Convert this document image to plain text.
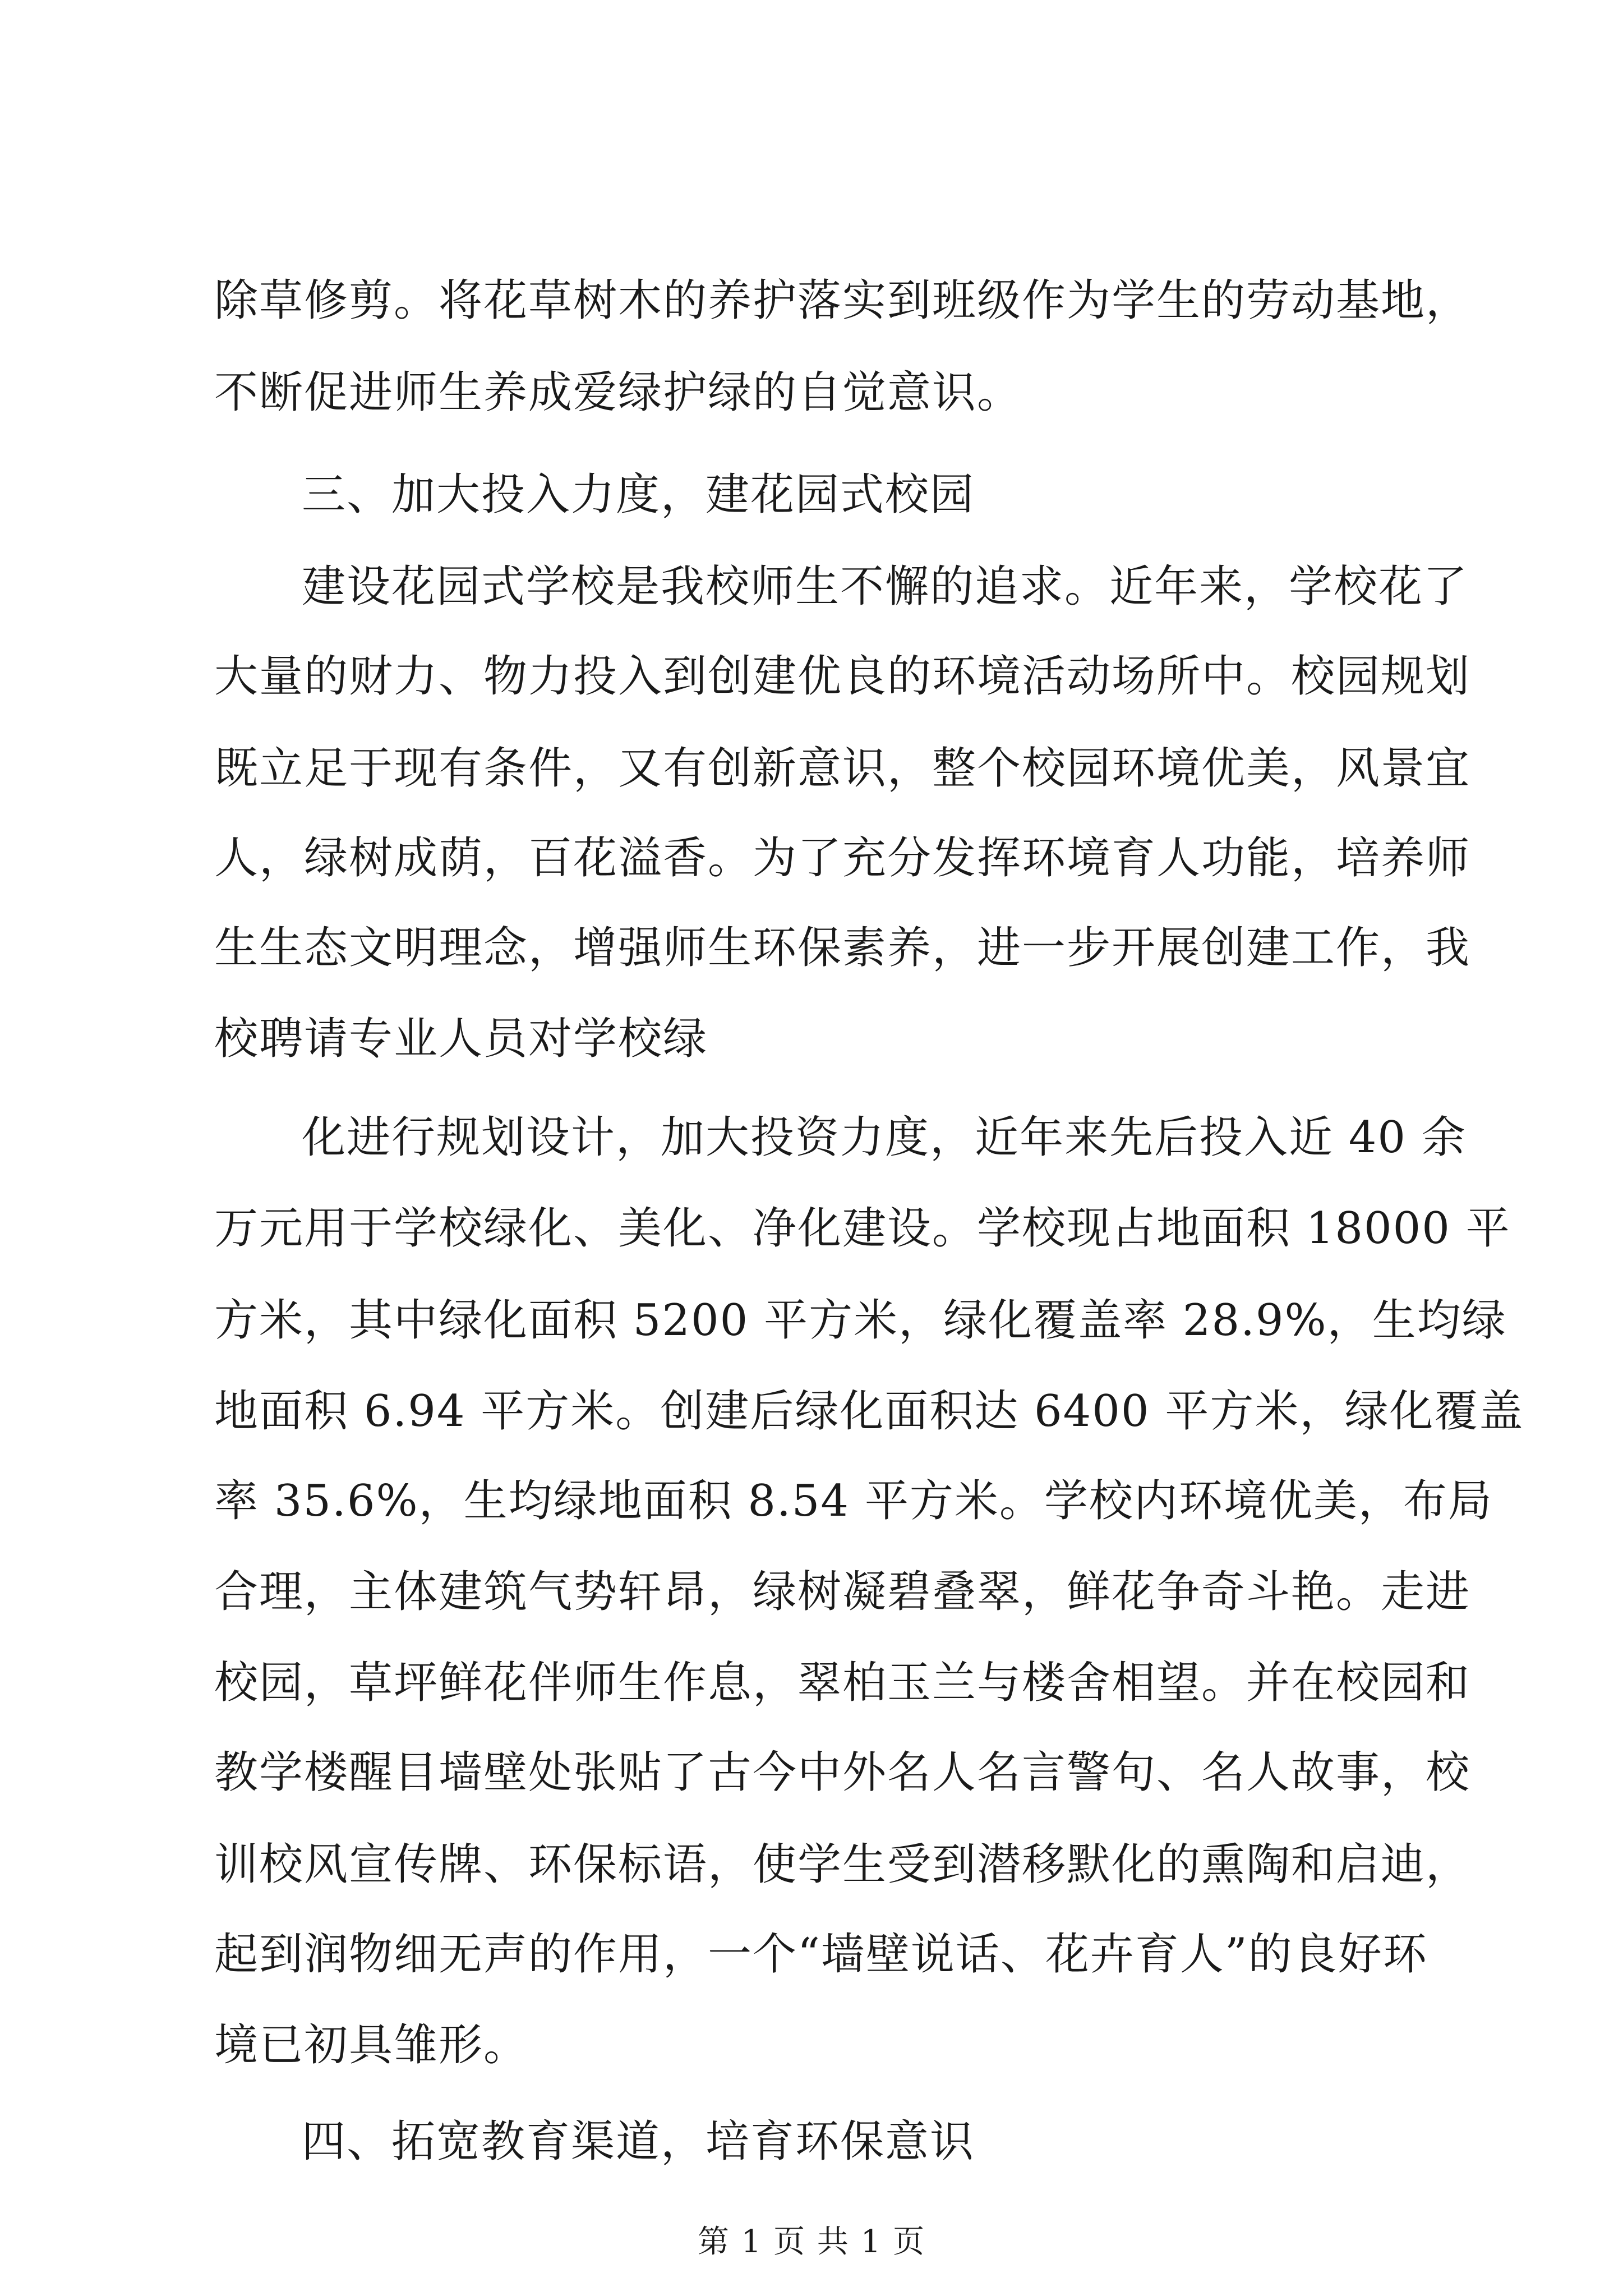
除草修剪。将花草树木的养护落实到班级作为学生的劳动基地，
不断促进师生养成爱绿护绿的自觉意识。
三、加大投入力度，建花园式校园
建设花园式学校是我校师生不懈的追求。近年来，学校花了
大量的财力、物力投入到创建优良的环境活动场所中。校园规划
既立足于现有条件，又有创新意识，整个校园环境优美，风景宜
人，绿树成荫，百花溢香。为了充分发挥环境育人功能，培养师
生生态文明理念，增强师生环保素养，进一步开展创建工作，我
校聘请专业人员对学校绿
化进行规划设计，加大投资力度，近年来先后投入近 40 余
万元用于学校绿化、美化、净化建设。学校现占地面积 18000 平
方米，其中绿化面积 5200 平方米，绿化覆盖率 28.9%，生均绿
地面积 6.94 平方米。创建后绿化面积达 6400 平方米，绿化覆盖
率 35.6%，生均绿地面积 8.54 平方米。学校内环境优美，布局
合理，主体建筑气势轩昂，绿树凝碧叠翠，鲜花争奇斗艳。走进
校园，草坪鲜花伴师生作息，翠柏玉兰与楼舍相望。并在校园和
教学楼醒目墙壁处张贴了古今中外名人名言警句、名人故事，校
训校风宣传牌、环保标语，使学生受到潜移默化的熏陶和启迪，
起到润物细无声的作用，一个“墙壁说话、花卉育人”的良好环
境已初具雏形。
四、拓宽教育渠道，培育环保意识
第 1 页 共 1 页
